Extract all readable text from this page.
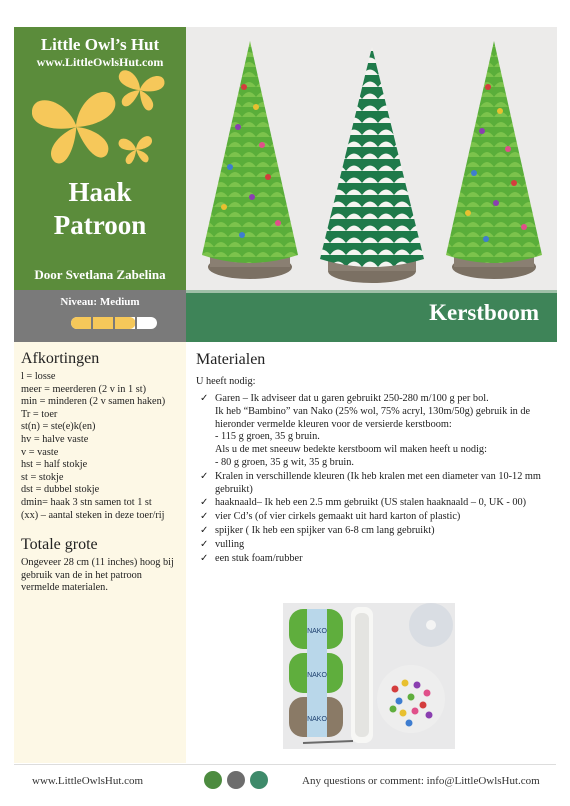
Little Owl’s Hut
www.LittleOwlsHut.com
Haak
Patroon
Door Svetlana Zabelina
Niveau: Medium	Kerstboom
Afkortingen
l = losse
meer = meerderen (2 v in 1 st)
min = minderen (2 v samen haken)
Tr = toer
st(n) = ste(e)k(en)
hv = halve vaste
v = vaste
hst = half stokje
st = stokje
dst = dubbel stokje
dmin= haak 3 stn samen tot 1 st
(xx) – aantal steken in deze toer/rij
Totale grote

Ongeveer 28 cm (11 inches) hoog bij gebruik van de in het patroon vermelde materialen.

Materialen
U heeft nodig:
✓ Garen – Ik adviseer dat u garen gebruikt 250-280 m/100 g per bol.
Ik heb “Bambino” van Nako (25% wol, 75% acryl, 130m/50g) gebruik in de hieronder vermelde kleuren voor de versierde kerstboom:
- 115 g groen, 35 g bruin.
Als u de met sneeuw bedekte kerstboom wil maken heeft u nodig:
- 80 g groen, 35 g wit, 35 g bruin.
✓ Kralen in verschillende kleuren (Ik heb kralen met een diameter van 10-12 mm gebruikt)
✓ haaknaald– Ik heb een 2.5 mm gebruikt (US stalen haaknaald – 0, UK - 00)
✓ vier Cd’s (of vier cirkels gemaakt uit hard karton of plastic)
✓ spijker ( Ik heb een spijker van 6-8 cm lang gebruikt)
✓ vulling
✓ een stuk foam/rubber
NAKO
NAKO
NAKO
www.LittleOwlsHut.com	Any questions or comment: info@LittleOwlsHut.com
